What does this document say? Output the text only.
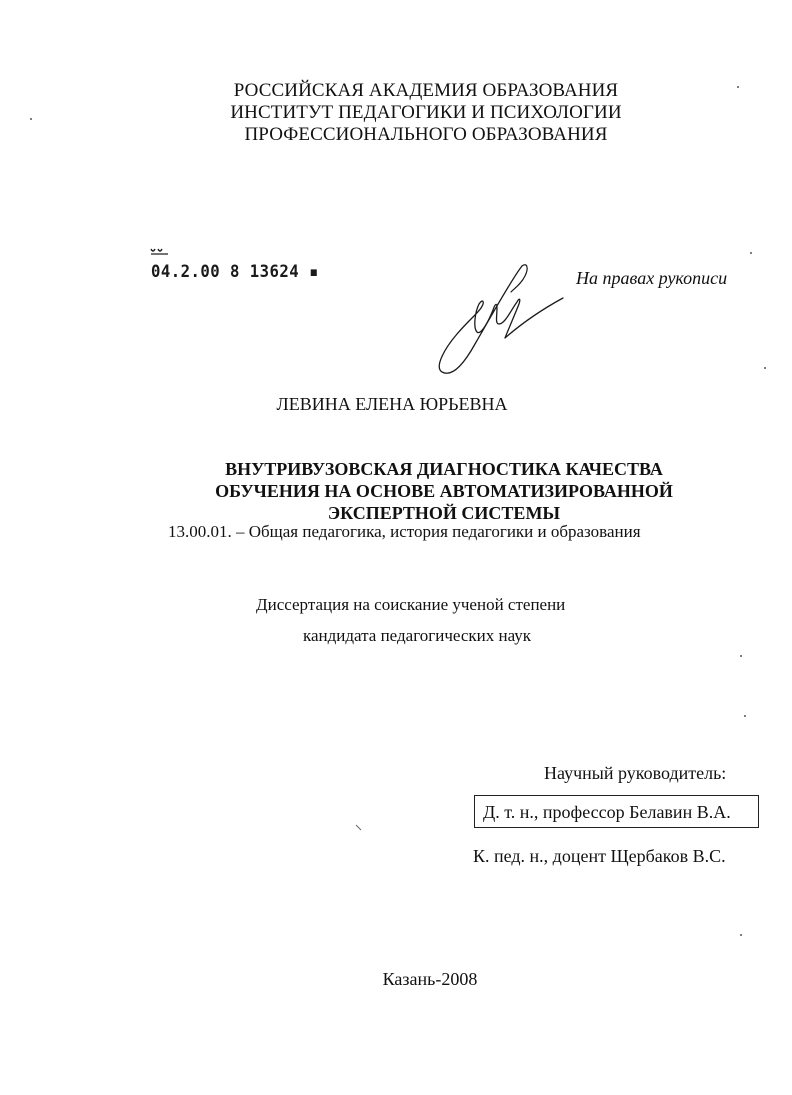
РОССИЙСКАЯ АКАДЕМИЯ ОБРАЗОВАНИЯ
ИНСТИТУТ ПЕДАГОГИКИ И ПСИХОЛОГИИ
ПРОФЕССИОНАЛЬНОГО ОБРАЗОВАНИЯ
04.2.00 8 13624 ▪	На правах рукописи
ЛЕВИНА ЕЛЕНА ЮРЬЕВНА
ВНУТРИВУЗОВСКАЯ ДИАГНОСТИКА КАЧЕСТВА
ОБУЧЕНИЯ НА ОСНОВЕ АВТОМАТИЗИРОВАННОЙ
ЭКСПЕРТНОЙ СИСТЕМЫ
13.00.01. – Общая педагогика, история педагогики и образования
Диссертация на соискание ученой степени
кандидата педагогических наук
Научный руководитель:
Д. т. н., профессор Белавин В.А.
К. пед. н., доцент Щербаков В.С.
Казань-2008
